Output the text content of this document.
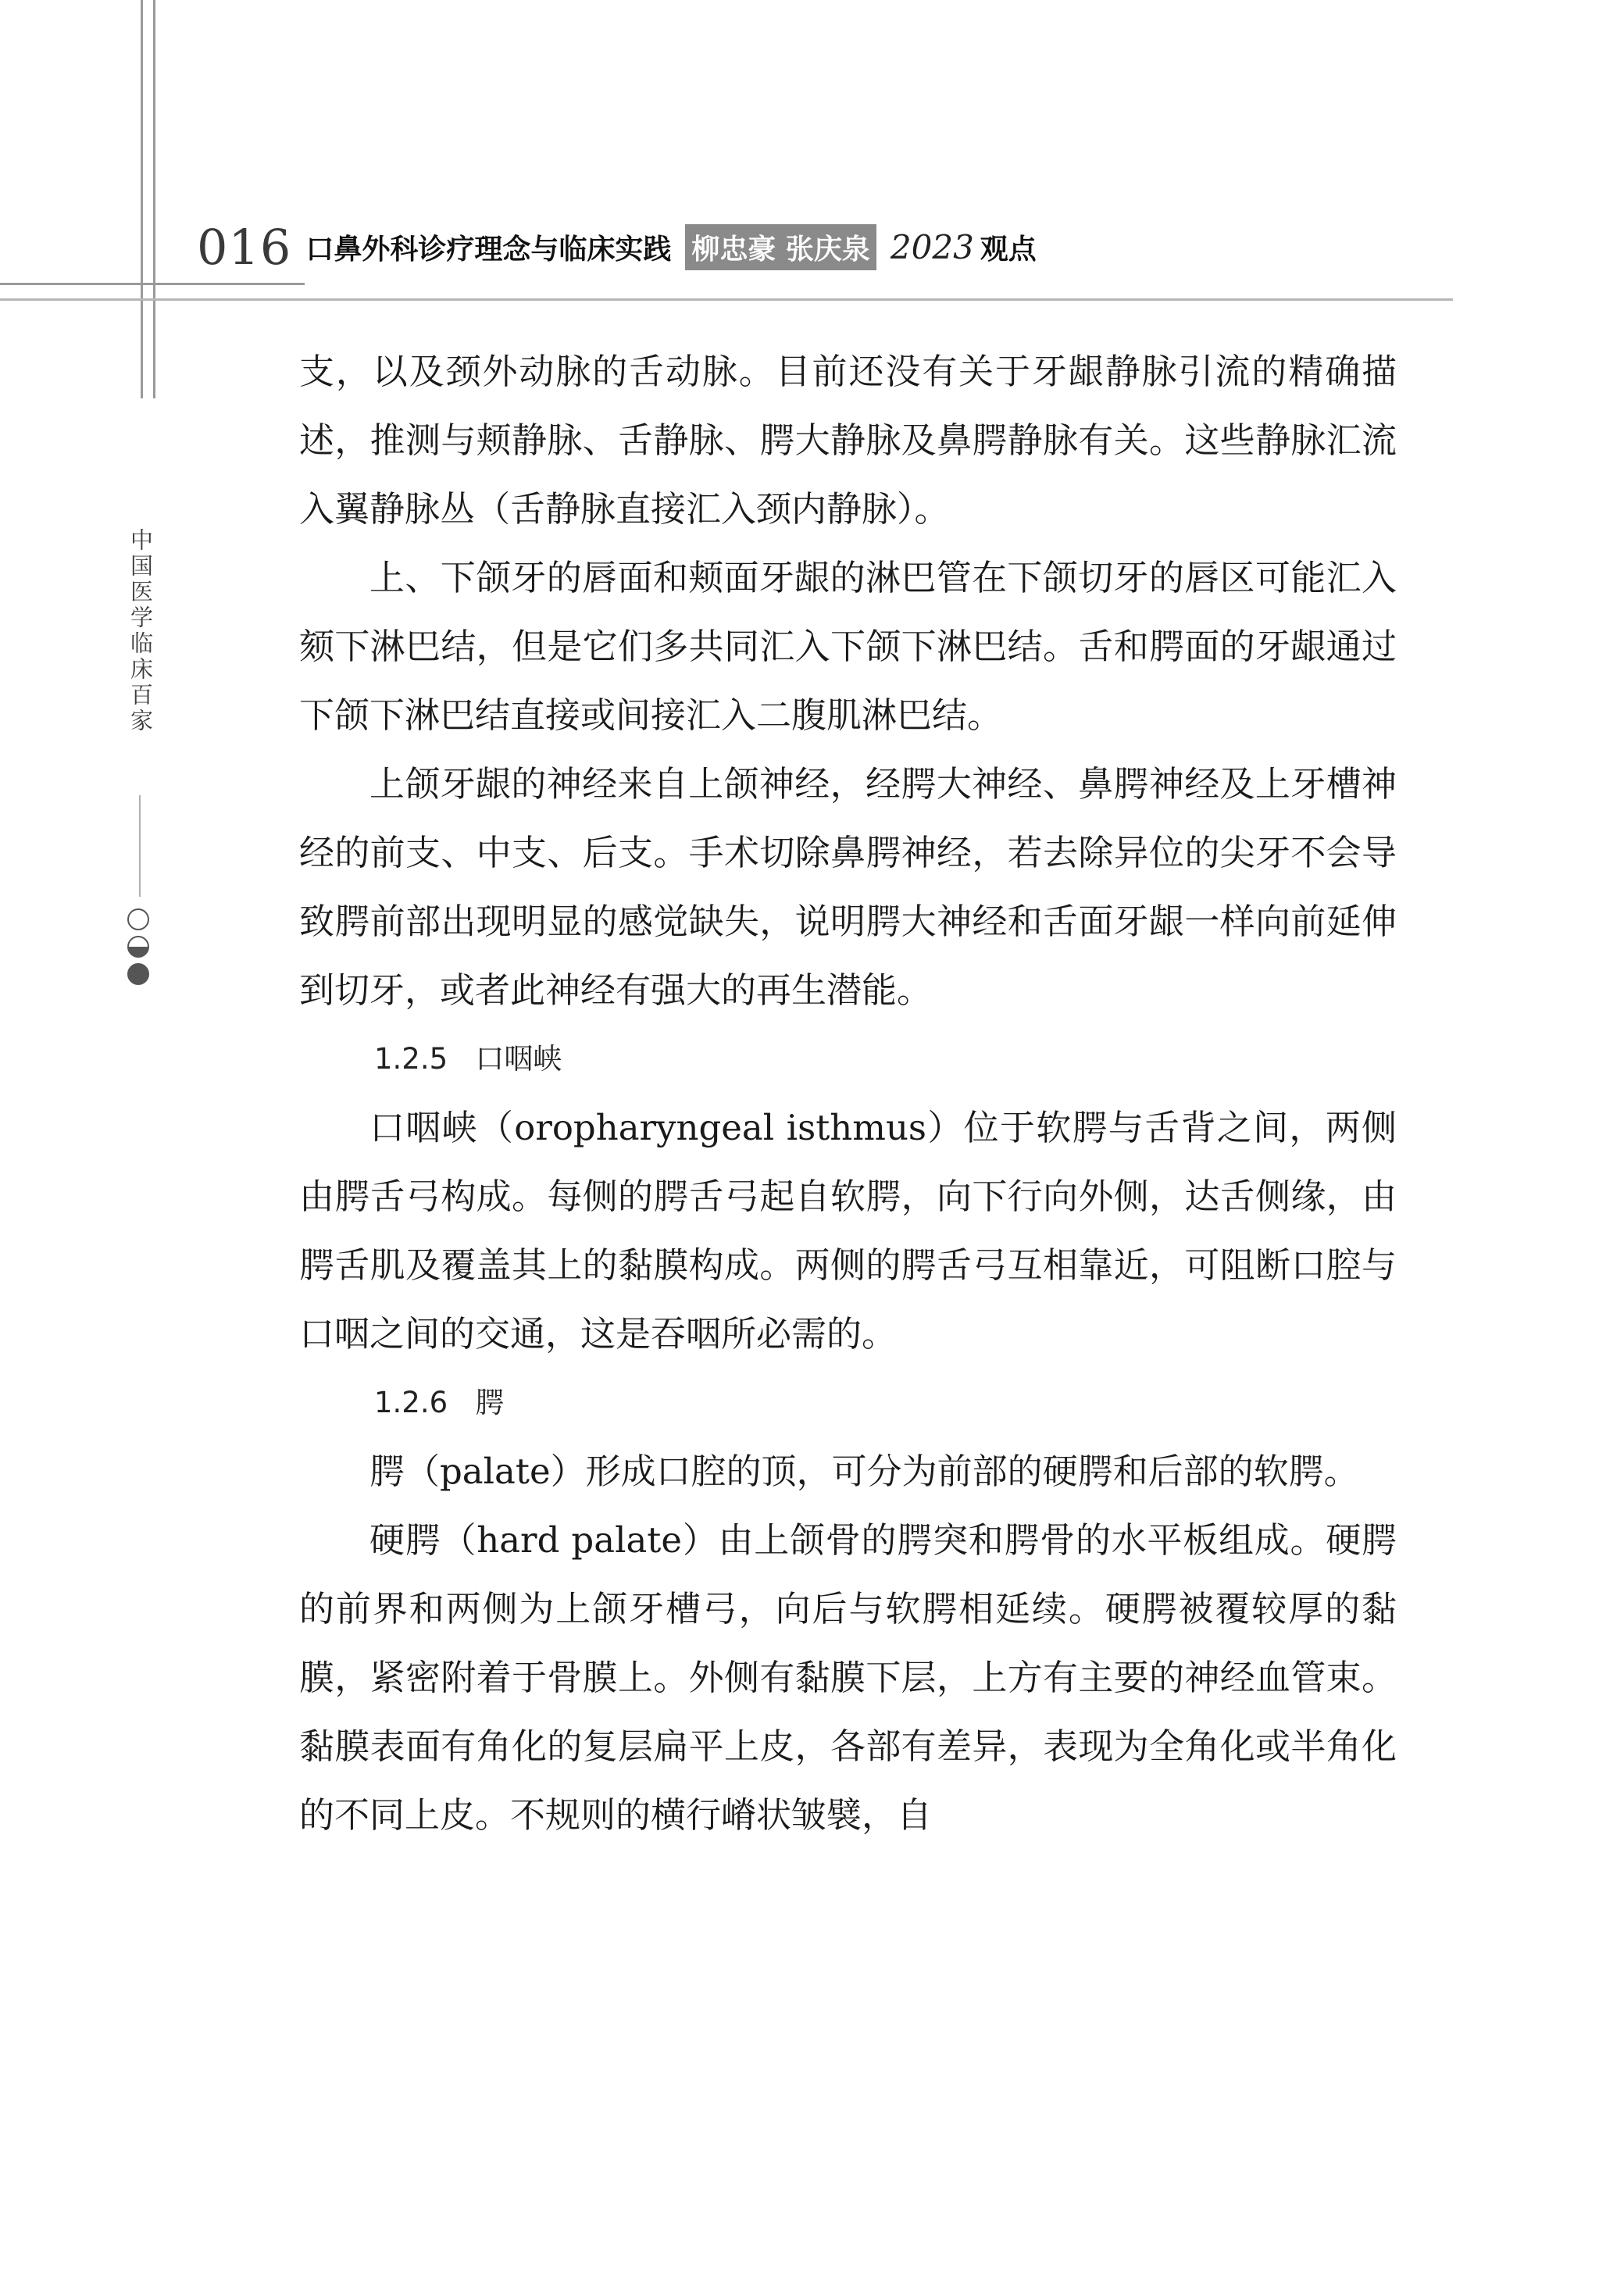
016 口鼻外科诊疗理念与临床实践 柳忠豪 张庆泉 2023 观点
中国医学临床百家

支，以及颈外动脉的舌动脉。目前还没有关于牙龈静脉引流的精确描述，推测与颊静脉、舌静脉、腭大静脉及鼻腭静脉有关。这些静脉汇流入翼静脉丛（舌静脉直接汇入颈内静脉）。

上、下颌牙的唇面和颊面牙龈的淋巴管在下颌切牙的唇区可能汇入颏下淋巴结，但是它们多共同汇入下颌下淋巴结。舌和腭面的牙龈通过下颌下淋巴结直接或间接汇入二腹肌淋巴结。

上颌牙龈的神经来自上颌神经，经腭大神经、鼻腭神经及上牙槽神经的前支、中支、后支。手术切除鼻腭神经，若去除异位的尖牙不会导致腭前部出现明显的感觉缺失，说明腭大神经和舌面牙龈一样向前延伸到切牙，或者此神经有强大的再生潜能。

1.2.5   口咽峡

口咽峡（oropharyngeal isthmus）位于软腭与舌背之间，两侧由腭舌弓构成。每侧的腭舌弓起自软腭，向下行向外侧，达舌侧缘，由腭舌肌及覆盖其上的黏膜构成。两侧的腭舌弓互相靠近，可阻断口腔与口咽之间的交通，这是吞咽所必需的。

1.2.6   腭

腭（palate）形成口腔的顶，可分为前部的硬腭和后部的软腭。

硬腭（hard palate）由上颌骨的腭突和腭骨的水平板组成。硬腭的前界和两侧为上颌牙槽弓，向后与软腭相延续。硬腭被覆较厚的黏膜，紧密附着于骨膜上。外侧有黏膜下层，上方有主要的神经血管束。黏膜表面有角化的复层扁平上皮，各部有差异，表现为全角化或半角化的不同上皮。不规则的横行嵴状皱襞，自
